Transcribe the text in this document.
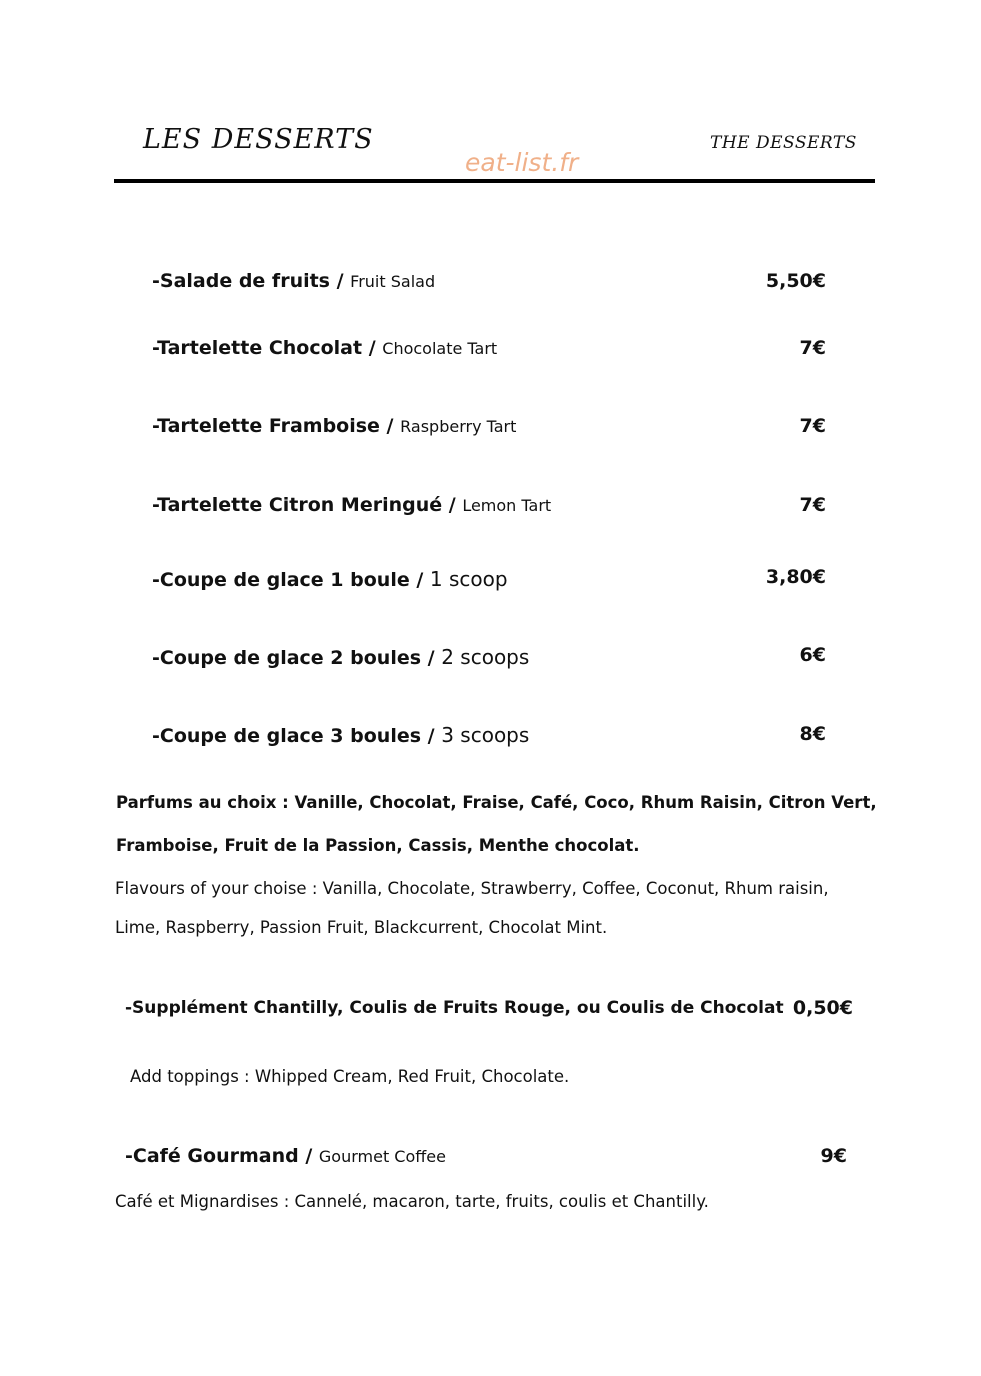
LES DESSERTS
eat-list.fr
THE DESSERTS
-Salade de fruits / Fruit Salad	5,50€
-Tartelette Chocolat / Chocolate Tart	7€
-Tartelette Framboise / Raspberry Tart	7€
-Tartelette Citron Meringué / Lemon Tart	7€
-Coupe de glace 1 boule / 1 scoop	3,80€
-Coupe de glace 2 boules / 2 scoops	6€
-Coupe de glace 3 boules / 3 scoops	8€
Parfums au choix : Vanille, Chocolat, Fraise, Café, Coco, Rhum Raisin, Citron Vert,
Framboise, Fruit de la Passion, Cassis, Menthe chocolat.
Flavours of your choise : Vanilla, Chocolate, Strawberry, Coffee, Coconut, Rhum raisin,
Lime, Raspberry, Passion Fruit, Blackcurrent, Chocolat Mint.
-Supplément Chantilly, Coulis de Fruits Rouge, ou Coulis de Chocolat 0,50€
Add toppings : Whipped Cream, Red Fruit, Chocolate.
-Café Gourmand / Gourmet Coffee	9€
Café et Mignardises : Cannelé, macaron, tarte, fruits, coulis et Chantilly.
